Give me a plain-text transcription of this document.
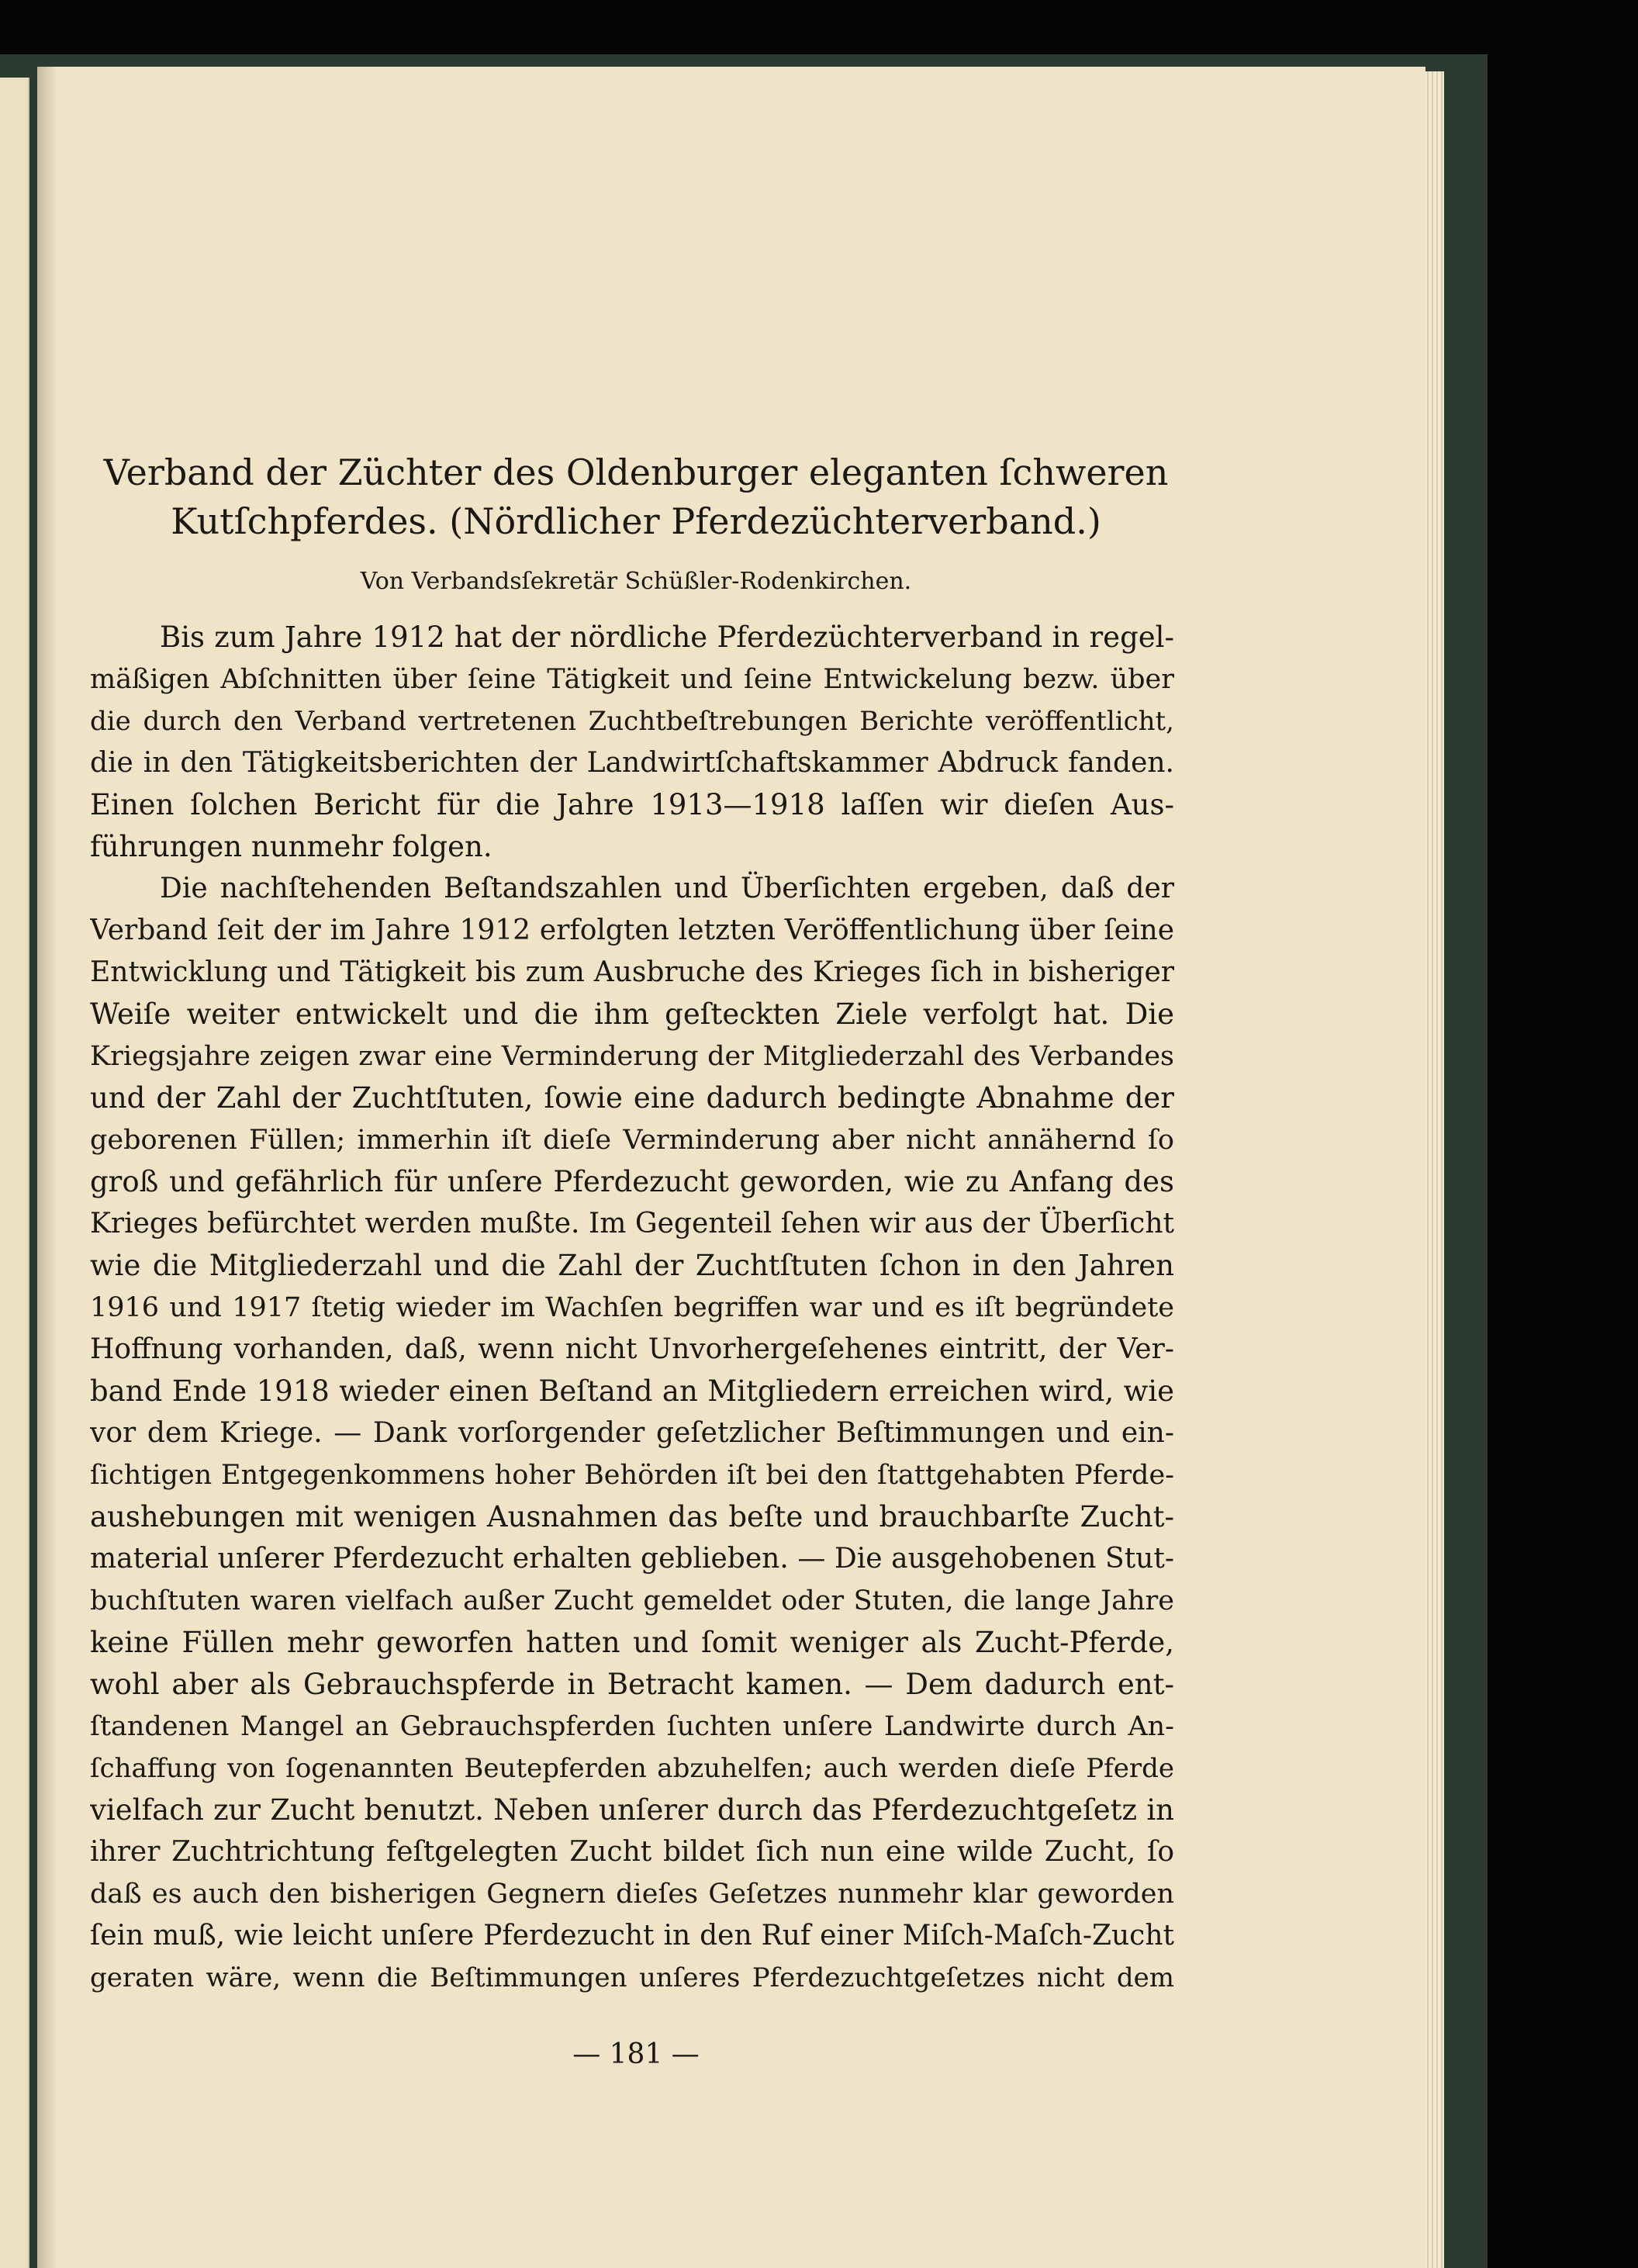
Verband der Züchter des Oldenburger eleganten ſchweren
Kutſchpferdes. (Nördlicher Pferdezüchterverband.)
Von Verbandsſekretär Schüßler-Rodenkirchen.
Bis zum Jahre 1912 hat der nördliche Pferdezüchterverband in regel-
mäßigen Abſchnitten über ſeine Tätigkeit und ſeine Entwickelung bezw. über
die durch den Verband vertretenen Zuchtbeſtrebungen Berichte veröffentlicht,
die in den Tätigkeitsberichten der Landwirtſchaftskammer Abdruck fanden.
Einen ſolchen Bericht für die Jahre 1913—1918 laſſen wir dieſen Aus-
führungen nunmehr folgen.
Die nachſtehenden Beſtandszahlen und Überſichten ergeben, daß der
Verband ſeit der im Jahre 1912 erfolgten letzten Veröffentlichung über ſeine
Entwicklung und Tätigkeit bis zum Ausbruche des Krieges ſich in bisheriger
Weiſe weiter entwickelt und die ihm geſteckten Ziele verfolgt hat. Die
Kriegsjahre zeigen zwar eine Verminderung der Mitgliederzahl des Verbandes
und der Zahl der Zuchtſtuten, ſowie eine dadurch bedingte Abnahme der
geborenen Füllen; immerhin iſt dieſe Verminderung aber nicht annähernd ſo
groß und gefährlich für unſere Pferdezucht geworden, wie zu Anfang des
Krieges befürchtet werden mußte. Im Gegenteil ſehen wir aus der Überſicht
wie die Mitgliederzahl und die Zahl der Zuchtſtuten ſchon in den Jahren
1916 und 1917 ſtetig wieder im Wachſen begriffen war und es iſt begründete
Hoffnung vorhanden, daß, wenn nicht Unvorhergeſehenes eintritt, der Ver-
band Ende 1918 wieder einen Beſtand an Mitgliedern erreichen wird, wie
vor dem Kriege. — Dank vorſorgender geſetzlicher Beſtimmungen und ein-
ſichtigen Entgegenkommens hoher Behörden iſt bei den ſtattgehabten Pferde-
aushebungen mit wenigen Ausnahmen das beſte und brauchbarſte Zucht-
material unſerer Pferdezucht erhalten geblieben. — Die ausgehobenen Stut-
buchſtuten waren vielfach außer Zucht gemeldet oder Stuten, die lange Jahre
keine Füllen mehr geworfen hatten und ſomit weniger als Zucht-Pferde,
wohl aber als Gebrauchspferde in Betracht kamen. — Dem dadurch ent-
ſtandenen Mangel an Gebrauchspferden ſuchten unſere Landwirte durch An-
ſchaffung von ſogenannten Beutepferden abzuhelfen; auch werden dieſe Pferde
vielfach zur Zucht benutzt. Neben unſerer durch das Pferdezuchtgeſetz in
ihrer Zuchtrichtung feſtgelegten Zucht bildet ſich nun eine wilde Zucht, ſo
daß es auch den bisherigen Gegnern dieſes Geſetzes nunmehr klar geworden
ſein muß, wie leicht unſere Pferdezucht in den Ruf einer Miſch-Maſch-Zucht
geraten wäre, wenn die Beſtimmungen unſeres Pferdezuchtgeſetzes nicht dem
— 181 —
